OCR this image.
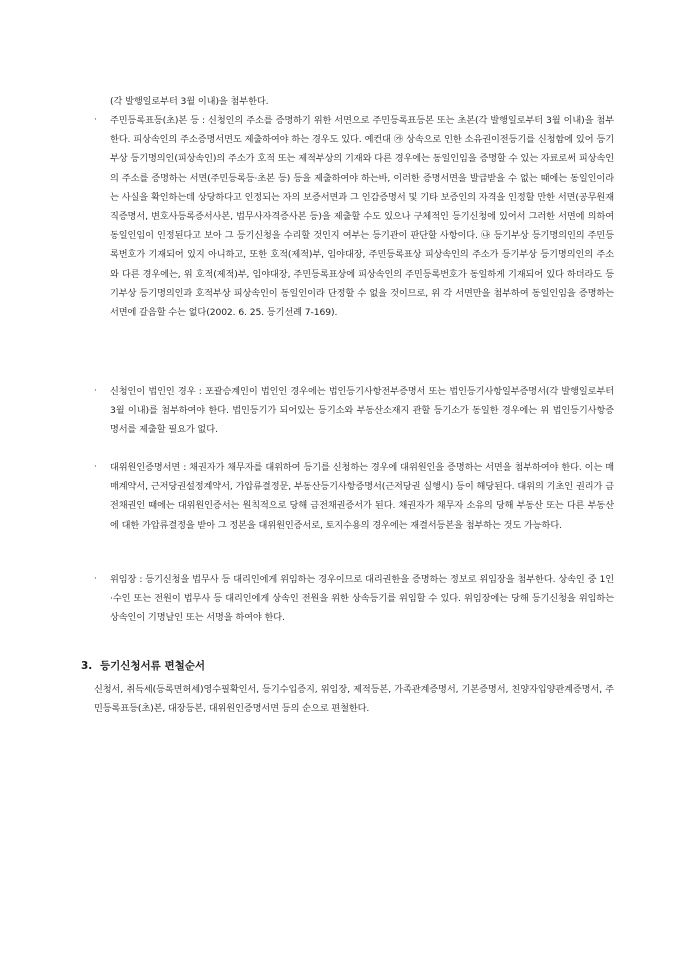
(각 발행일로부터 3월 이내)을 첨부한다.
·	주민등록표등(초)본 등 : 신청인의 주소를 증명하기 위한 서면으로 주민등록표등본 또는 초본(각 발행일로부터 3월 이내)을 첨부한다. 피상속인의 주소증명서면도 제출하여야 하는 경우도 있다. 예컨대 ㉮ 상속으로 인한 소유권이전등기를 신청함에 있어 등기부상 등기명의인(피상속인)의 주소가 호적 또는 제적부상의 기재와 다른 경우에는 동일인임을 증명할 수 있는 자료로써 피상속인의 주소를 증명하는 서면(주민등록등·초본 등) 등을 제출하여야 하는바, 이러한 증명서면을 발급받을 수 없는 때에는 동일인이라는 사실을 확인하는데 상당하다고 인정되는 자의 보증서면과 그 인감증명서 및 기타 보증인의 자격을 인정할 만한 서면(공무원재직증명서, 변호사등록증서사본, 법무사자격증사본 등)을 제출할 수도 있으나 구체적인 등기신청에 있어서 그러한 서면에 의하여 동일인임이 인정된다고 보아 그 등기신청을 수리할 것인지 여부는 등기관이 판단할 사항이다. ㉯ 등기부상 등기명의인의 주민등록번호가 기재되어 있지 아니하고, 또한 호적(제적)부, 임야대장, 주민등록표상 피상속인의 주소가 등기부상 등기명의인의 주소와 다른 경우에는, 위 호적(제적)부, 임야대장, 주민등록표상에 피상속인의 주민등록번호가 동일하게 기재되어 있다 하더라도 등기부상 등기명의인과 호적부상 피상속인이 동일인이라 단정할 수 없을 것이므로, 위 각 서면만을 첨부하여 동일인임을 증명하는 서면에 갈음할 수는 없다(2002. 6. 25. 등기선례 7-169).
·	신청인이 법인인 경우 : 포괄승계인이 법인인 경우에는 법인등기사항전부증명서 또는 법인등기사항일부증명서(각 발행일로부터 3월 이내)를 첨부하여야 한다. 법인등기가 되어있는 등기소와 부동산소재지 관할 등기소가 동일한 경우에는 위 법인등기사항증명서를 제출할 필요가 없다.
·	대위원인증명서면 : 채권자가 채무자를 대위하여 등기를 신청하는 경우에 대위원인을 증명하는 서면을 첨부하여야 한다. 이는 매매계약서, 근저당권설정계약서, 가압류결정문, 부동산등기사항증명서(근저당권 실행시) 등이 해당된다. 대위의 기초인 권리가 금전채권인 때에는 대위원인증서는 원칙적으로 당해 금전채권증서가 된다. 채권자가 채무자 소유의 당해 부동산 또는 다른 부동산에 대한 가압류결정을 받아 그 정본을 대위원인증서로, 토지수용의 경우에는 재결서등본을 첨부하는 것도 가능하다.
·	위임장 : 등기신청을 법무사 등 대리인에게 위임하는 경우이므로 대리권한을 증명하는 정보로 위임장을 첨부한다. 상속인 중 1인·수인 또는 전원이 법무사 등 대리인에게 상속인 전원을 위한 상속등기를 위임할 수 있다. 위임장에는 당해 등기신청을 위임하는 상속인이 기명날인 또는 서명을 하여야 한다.
3. 등기신청서류 편철순서
신청서, 취득세(등록면허세)영수필확인서, 등기수입증지, 위임장, 제적등본, 가족관계증명서, 기본증명서, 친양자입양관계증명서, 주민등록표등(초)본, 대장등본, 대위원인증명서면 등의 순으로 편철한다.
